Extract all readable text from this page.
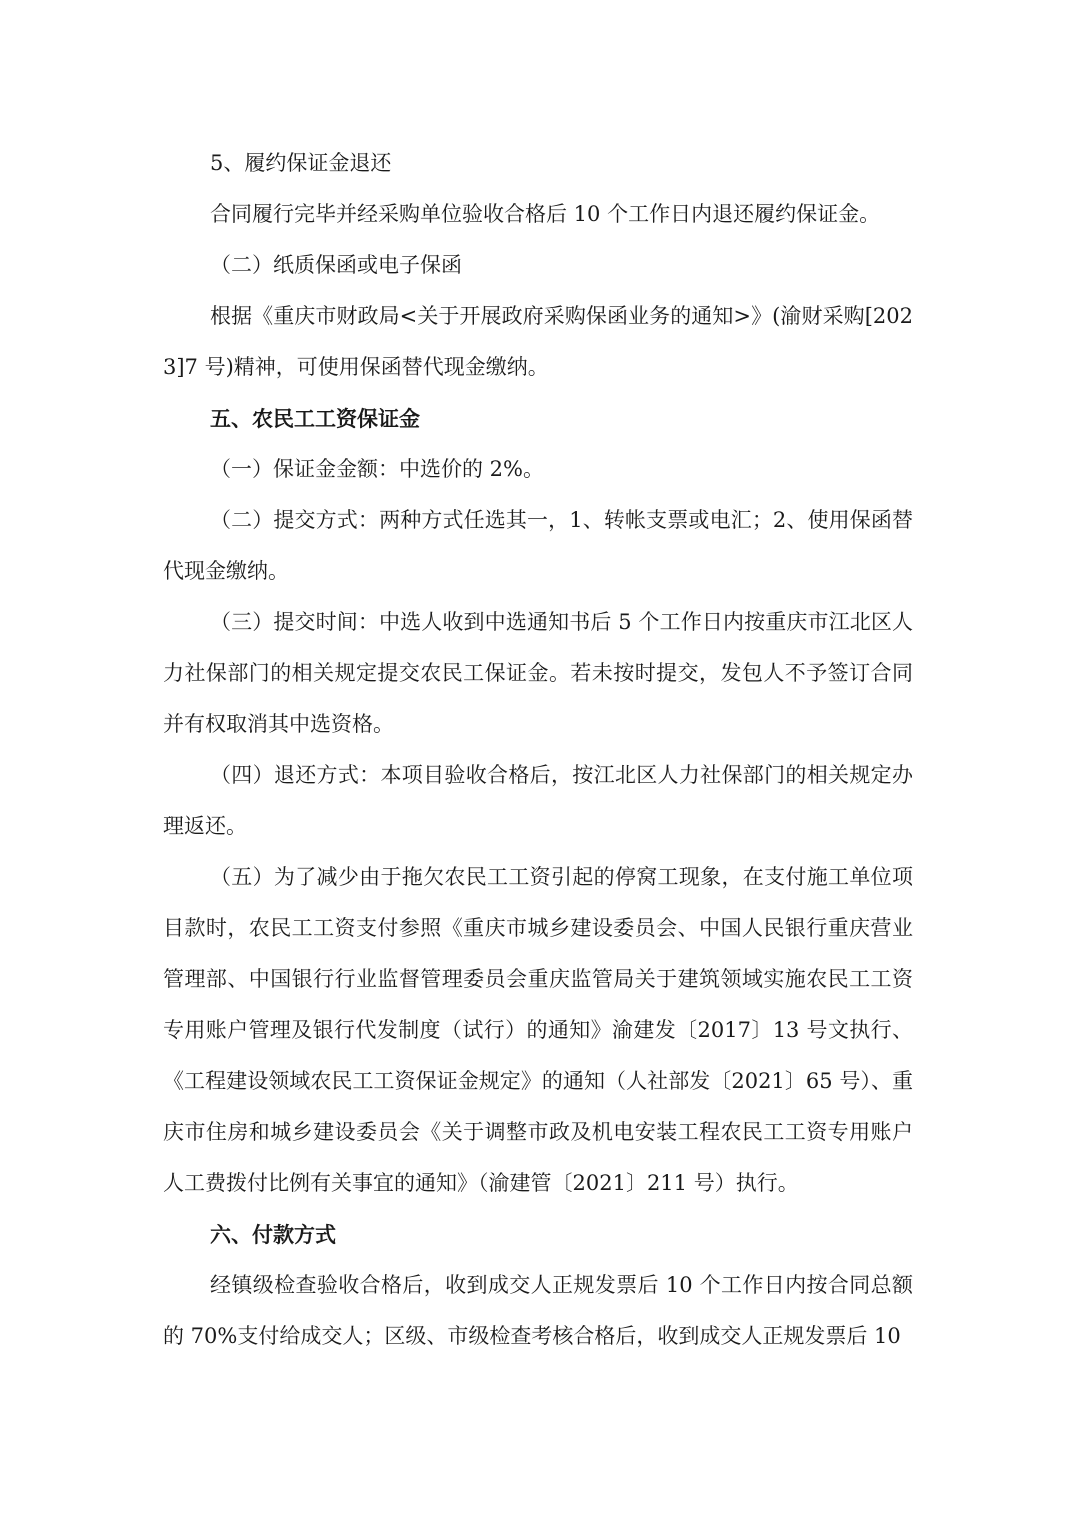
5、履约保证金退还

合同履行完毕并经采购单位验收合格后 10 个工作日内退还履约保证金。

（二）纸质保函或电子保函

根据《重庆市财政局<关于开展政府采购保函业务的通知>》(渝财采购[2023]7 号)精神，可使用保函替代现金缴纳。

五、农民工工资保证金

（一）保证金金额：中选价的 2%。

（二）提交方式：两种方式任选其一，1、转帐支票或电汇；2、使用保函替代现金缴纳。

（三）提交时间：中选人收到中选通知书后 5 个工作日内按重庆市江北区人力社保部门的相关规定提交农民工保证金。若未按时提交，发包人不予签订合同并有权取消其中选资格。

（四）退还方式：本项目验收合格后，按江北区人力社保部门的相关规定办理返还。

（五）为了减少由于拖欠农民工工资引起的停窝工现象，在支付施工单位项目款时，农民工工资支付参照《重庆市城乡建设委员会、中国人民银行重庆营业管理部、中国银行行业监督管理委员会重庆监管局关于建筑领域实施农民工工资专用账户管理及银行代发制度（试行）的通知》渝建发〔2017〕13 号文执行、《工程建设领域农民工工资保证金规定》的通知（人社部发〔2021〕65 号）、重庆市住房和城乡建设委员会《关于调整市政及机电安装工程农民工工资专用账户人工费拨付比例有关事宜的通知》（渝建管〔2021〕211 号）执行。

六、付款方式

经镇级检查验收合格后，收到成交人正规发票后 10 个工作日内按合同总额的 70%支付给成交人；区级、市级检查考核合格后，收到成交人正规发票后 10
